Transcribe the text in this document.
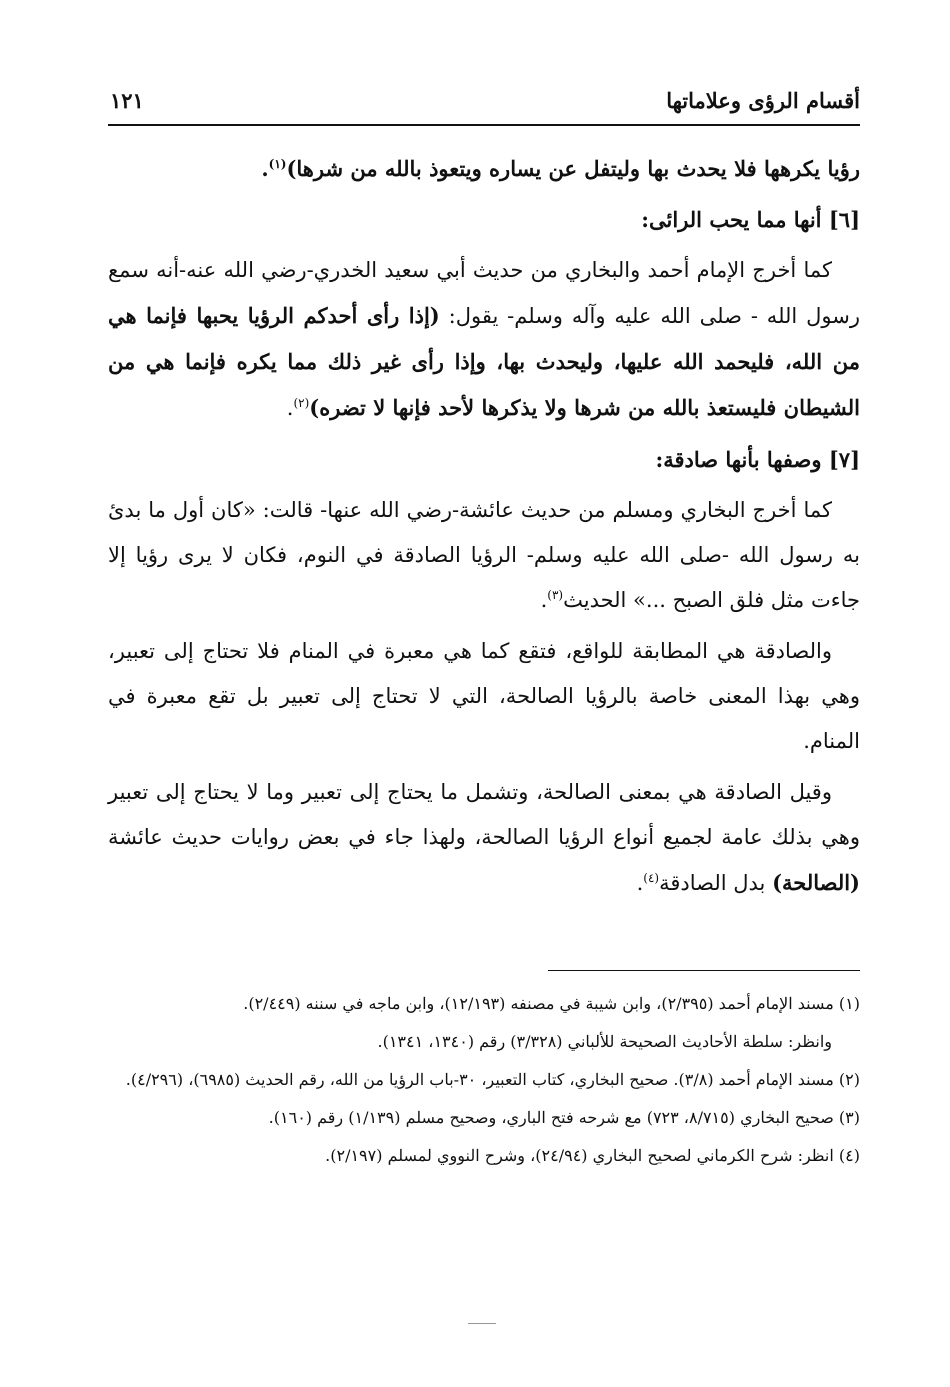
أقسام الرؤى وعلاماتها
١٢١

رؤيا يكرهها فلا يحدث بها وليتفل عن يساره ويتعوذ بالله من شرها)$^{(١)}$.

[٦] أنها مما يحب الرائى:

كما أخرج الإمام أحمد والبخاري من حديث أبي سعيد الخدري-رضي الله عنه-أنه سمع رسول الله - صلى الله عليه وآله وسلم- يقول: (إذا رأى أحدكم الرؤيا يحبها فإنما هي من الله، فليحمد الله عليها، وليحدث بها، وإذا رأى غير ذلك مما يكره فإنما هي من الشيطان فليستعذ بالله من شرها ولا يذكرها لأحد فإنها لا تضره)$^{(٢)}$.

[٧] وصفها بأنها صادقة:

كما أخرج البخاري ومسلم من حديث عائشة-رضي الله عنها- قالت: «كان أول ما بدئ به رسول الله -صلى الله عليه وسلم- الرؤيا الصادقة في النوم، فكان لا يرى رؤيا إلا جاءت مثل فلق الصبح ...» الحديث$^{(٣)}$.

والصادقة هي المطابقة للواقع، فتقع كما هي معبرة في المنام فلا تحتاج إلى تعبير، وهي بهذا المعنى خاصة بالرؤيا الصالحة، التي لا تحتاج إلى تعبير بل تقع معبرة في المنام.

وقيل الصادقة هي بمعنى الصالحة، وتشمل ما يحتاج إلى تعبير وما لا يحتاج إلى تعبير وهي بذلك عامة لجميع أنواع الرؤيا الصالحة، ولهذا جاء في بعض روايات حديث عائشة (الصالحة) بدل الصادقة$^{(٤)}$.

(١) مسند الإمام أحمد (٢/٣٩٥)، وابن شيبة في مصنفه (١٢/١٩٣)، وابن ماجه في سننه (٢/٤٤٩).

وانظر: سلطة الأحاديث الصحيحة للألباني (٣/٣٢٨) رقم (١٣٤٠، ١٣٤١).

(٢) مسند الإمام أحمد (٣/٨). صحيح البخاري، كتاب التعبير، ٣٠-باب الرؤيا من الله، رقم الحديث (٦٩٨٥)، (٤/٢٩٦).

(٣) صحيح البخاري (٨/٧١٥، ٧٢٣) مع شرحه فتح الباري، وصحيح مسلم (١/١٣٩) رقم (١٦٠).

(٤) انظر: شرح الكرماني لصحيح البخاري (٢٤/٩٤)، وشرح النووي لمسلم (٢/١٩٧).
